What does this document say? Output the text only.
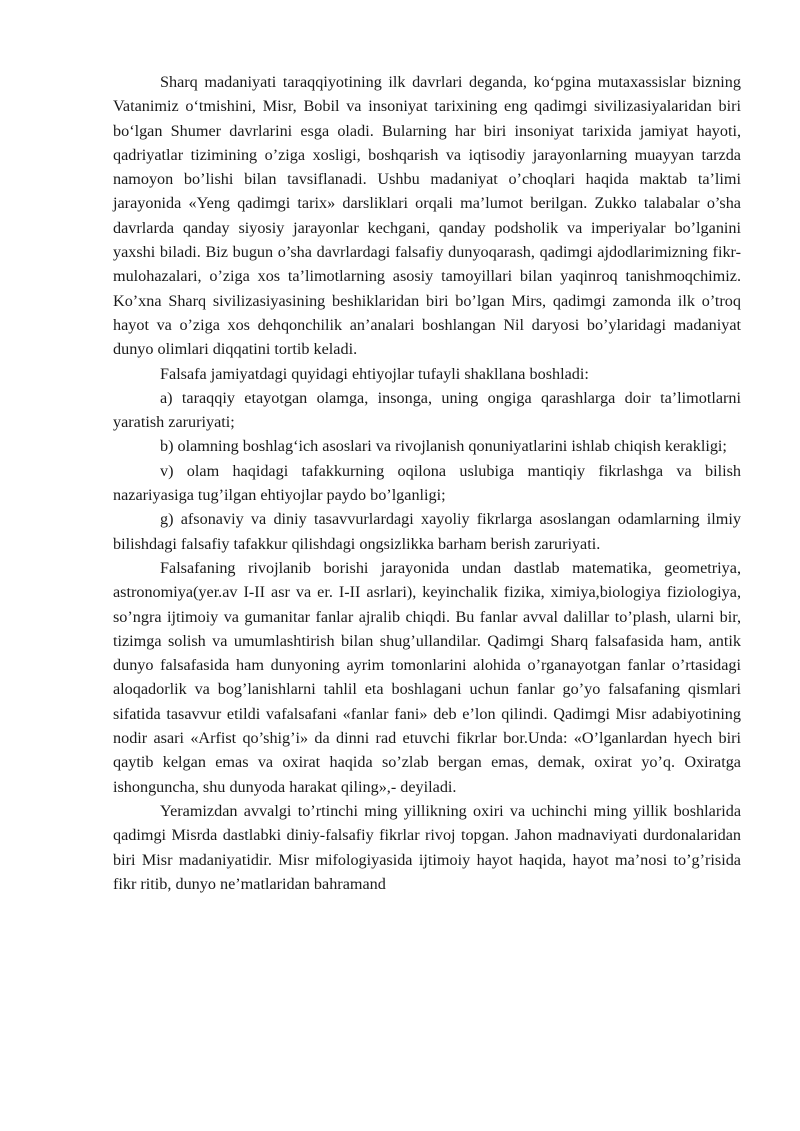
Sharq madaniyati taraqqiyotining ilk davrlari deganda, ko‘pgina mutaxassislar bizning Vatanimiz o‘tmishini, Misr, Bobil va insoniyat tarixining eng qadimgi sivilizasiyalaridan biri bo‘lgan Shumer davrlarini esga oladi. Bularning har biri insoniyat tarixida jamiyat hayoti, qadriyatlar tizimining o’ziga xosligi, boshqarish va iqtisodiy jarayonlarning muayyan tarzda namoyon bo’lishi bilan tavsiflanadi. Ushbu madaniyat o’choqlari haqida maktab ta’limi jarayonida «Yeng qadimgi tarix» darsliklari orqali ma’lumot berilgan. Zukko talabalar o’sha davrlarda qanday siyosiy jarayonlar kechgani, qanday podsholik va imperiyalar bo’lganini yaxshi biladi. Biz bugun o’sha davrlardagi falsafiy dunyoqarash, qadimgi ajdodlarimizning fikr-mulohazalari, o’ziga xos ta’limotlarning asosiy tamoyillari bilan yaqinroq tanishmoqchimiz. Ko’xna Sharq sivilizasiyasining beshiklaridan biri bo’lgan Mirs, qadimgi zamonda ilk o’troq hayot va o’ziga xos dehqonchilik an’analari boshlangan Nil daryosi bo’ylaridagi madaniyat dunyo olimlari diqqatini tortib keladi.

Falsafa jamiyatdagi quyidagi ehtiyojlar tufayli shakllana boshladi:

a) taraqqiy etayotgan olamga, insonga, uning ongiga qarashlarga doir ta’limotlarni yaratish zaruriyati;

b) olamning boshlag‘ich asoslari va rivojlanish qonuniyatlarini ishlab chiqish kerakligi;

v) olam haqidagi tafakkurning oqilona uslubiga mantiqiy fikrlashga va bilish nazariyasiga tug’ilgan ehtiyojlar paydo bo’lganligi;

g) afsonaviy va diniy tasavvurlardagi xayoliy fikrlarga asoslangan odamlarning ilmiy bilishdagi falsafiy tafakkur qilishdagi ongsizlikka barham berish zaruriyati.

Falsafaning rivojlanib borishi jarayonida undan dastlab matematika, geometriya, astronomiya(yer.av I-II asr va er. I-II asrlari), keyinchalik fizika, ximiya,biologiya fiziologiya, so’ngra ijtimoiy va gumanitar fanlar ajralib chiqdi. Bu fanlar avval dalillar to’plash, ularni bir, tizimga solish va umumlashtirish bilan shug’ullandilar. Qadimgi Sharq falsafasida ham, antik dunyo falsafasida ham dunyoning ayrim tomonlarini alohida o’rganayotgan fanlar o’rtasidagi aloqadorlik va bog’lanishlarni tahlil eta boshlagani uchun fanlar go’yo falsafaning qismlari sifatida tasavvur etildi vafalsafani «fanlar fani» deb e’lon qilindi. Qadimgi Misr adabiyotining nodir asari «Arfist qo’shig’i» da dinni rad etuvchi fikrlar bor.Unda: «O’lganlardan hyech biri qaytib kelgan emas va oxirat haqida so’zlab bergan emas, demak, oxirat yo’q. Oxiratga ishonguncha, shu dunyoda harakat qiling»,- deyiladi.

Yeramizdan avvalgi to’rtinchi ming yillikning oxiri va uchinchi ming yillik boshlarida qadimgi Misrda dastlabki diniy-falsafiy fikrlar rivoj topgan. Jahon madnaviyati durdonalaridan biri Misr madaniyatidir. Misr mifologiyasida ijtimoiy hayot haqida, hayot ma’nosi to’g’risida fikr ritib, dunyo ne’matlaridan bahramand
